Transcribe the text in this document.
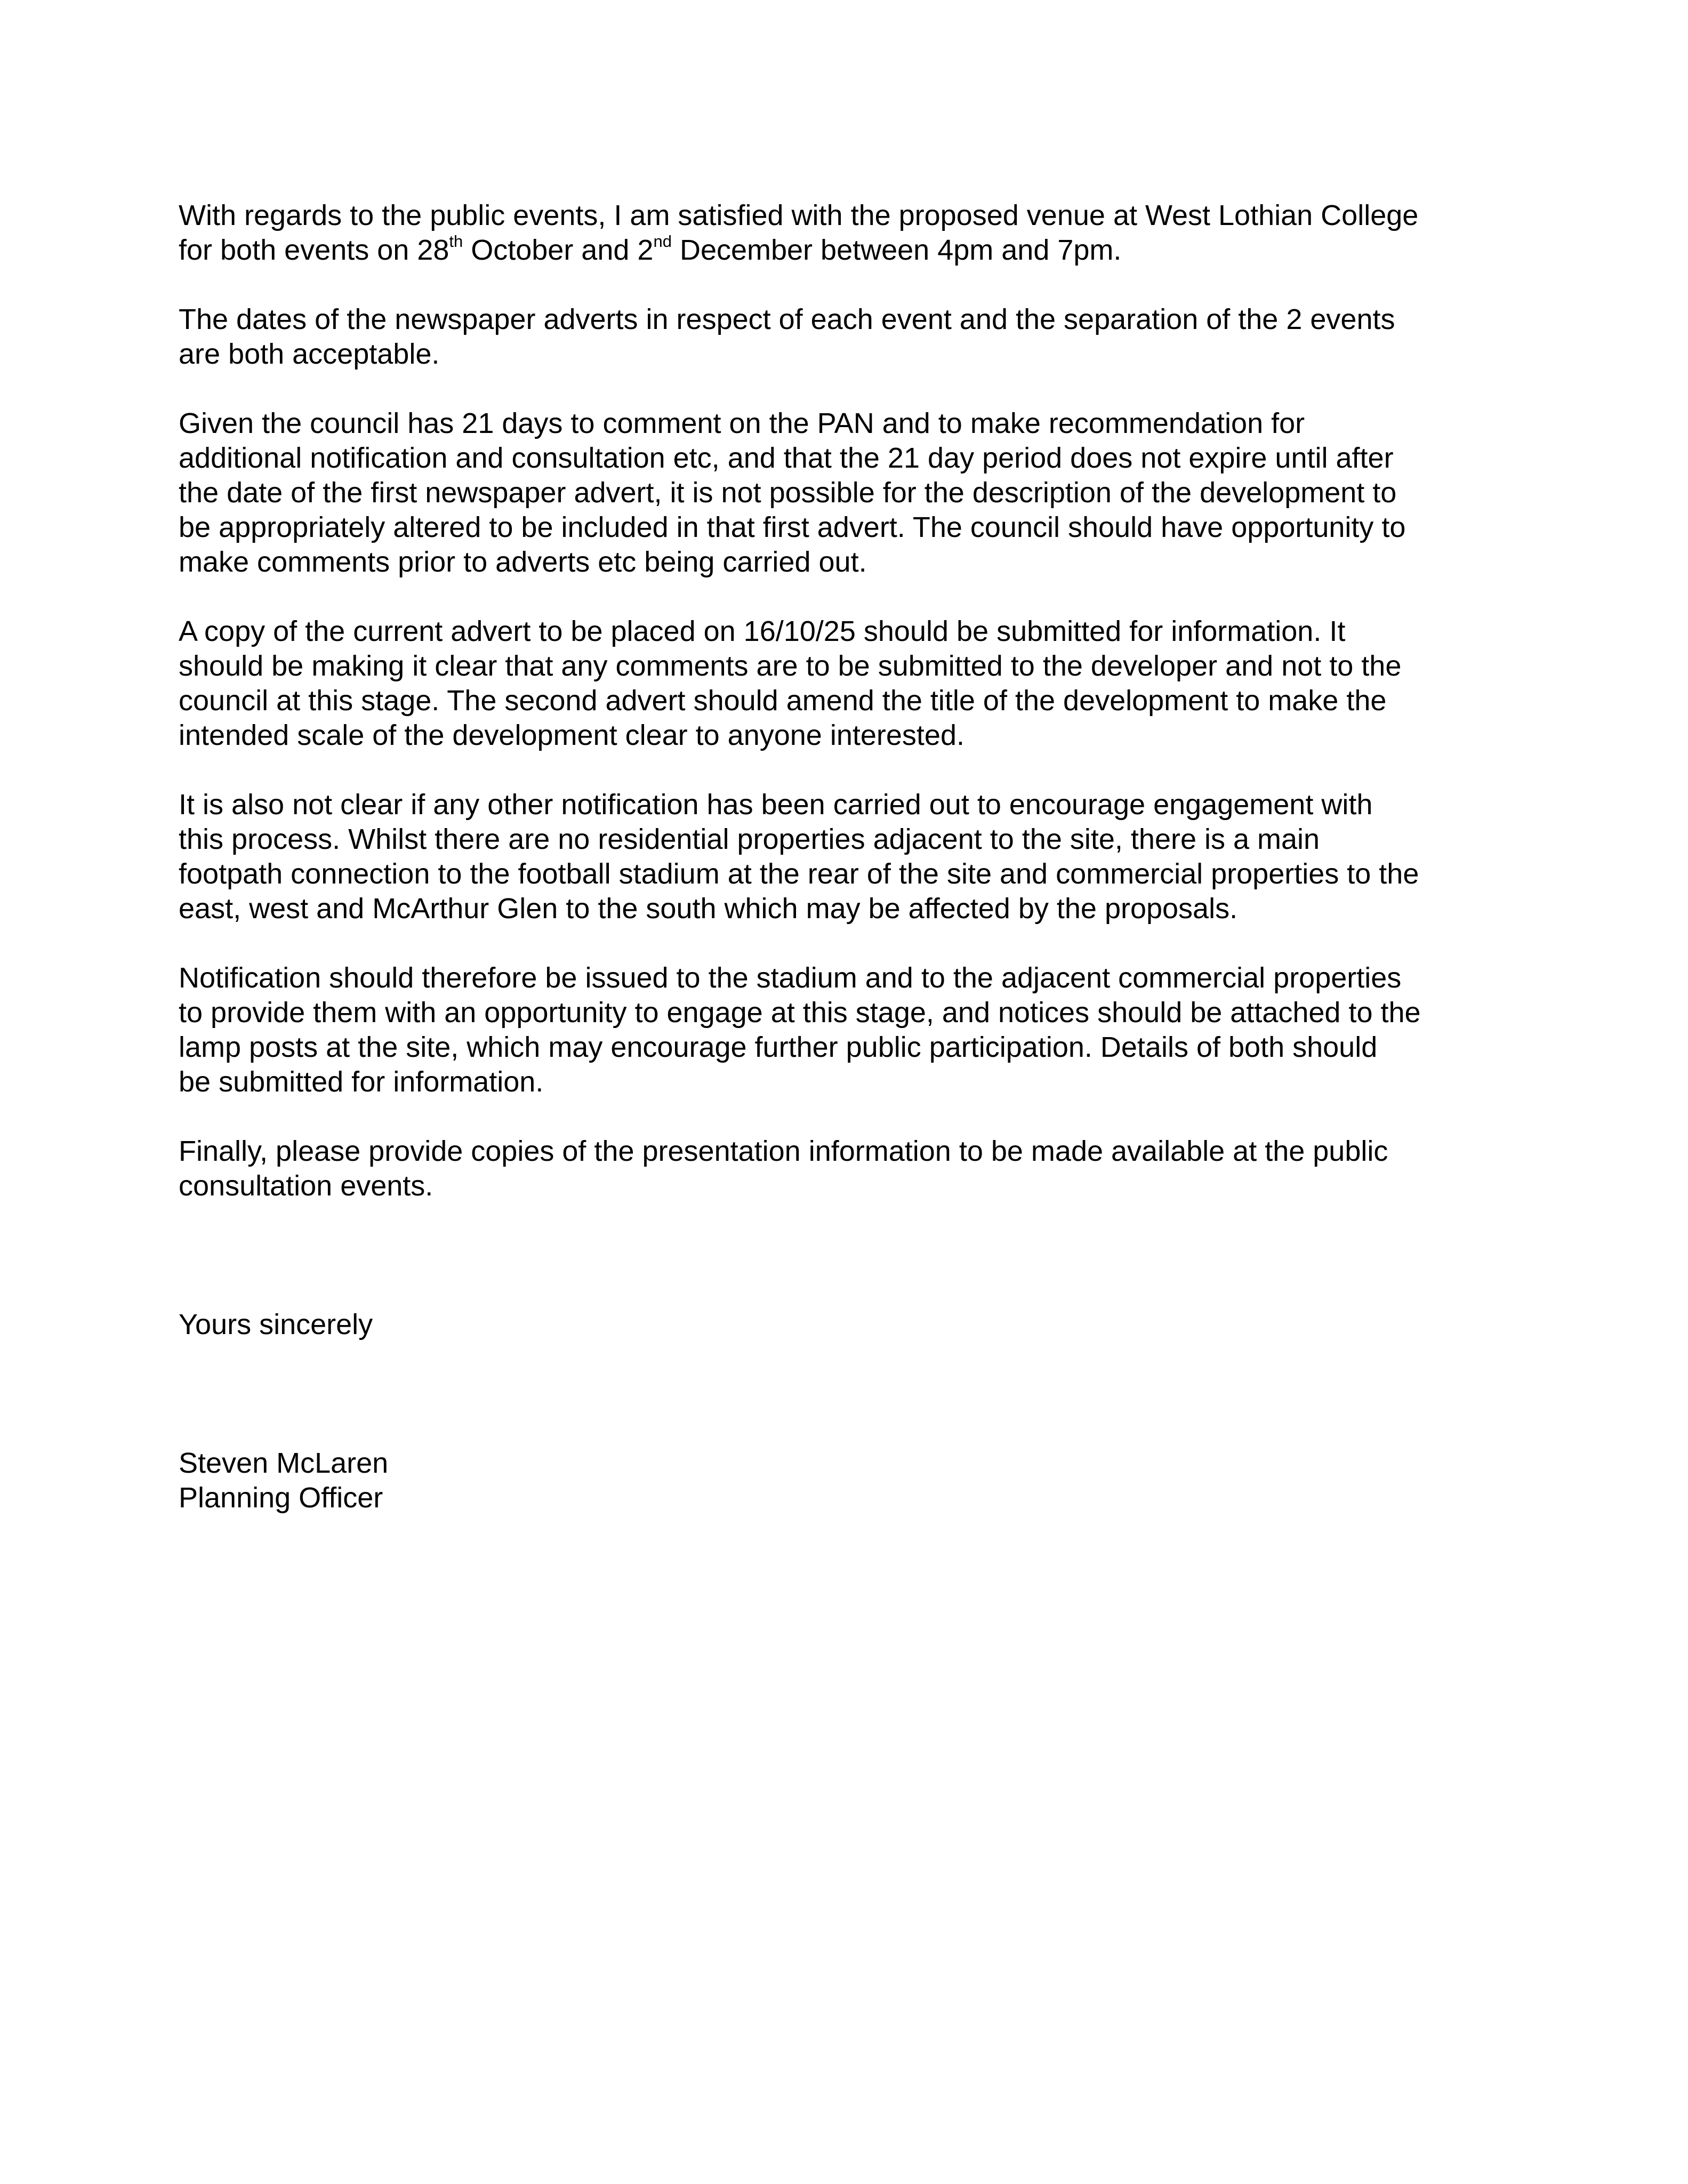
With regards to the public events, I am satisfied with the proposed venue at West Lothian College
for both events on 28th October and 2nd December between 4pm and 7pm.

The dates of the newspaper adverts in respect of each event and the separation of the 2 events
are both acceptable.

Given the council has 21 days to comment on the PAN and to make recommendation for
additional notification and consultation etc, and that the 21 day period does not expire until after
the date of the first newspaper advert, it is not possible for the description of the development to
be appropriately altered to be included in that first advert. The council should have opportunity to
make comments prior to adverts etc being carried out.

A copy of the current advert to be placed on 16/10/25 should be submitted for information. It
should be making it clear that any comments are to be submitted to the developer and not to the
council at this stage. The second advert should amend the title of the development to make the
intended scale of the development clear to anyone interested.

It is also not clear if any other notification has been carried out to encourage engagement with
this process. Whilst there are no residential properties adjacent to the site, there is a main
footpath connection to the football stadium at the rear of the site and commercial properties to the
east, west and McArthur Glen to the south which may be affected by the proposals.

Notification should therefore be issued to the stadium and to the adjacent commercial properties
to provide them with an opportunity to engage at this stage, and notices should be attached to the
lamp posts at the site, which may encourage further public participation. Details of both should
be submitted for information.

Finally, please provide copies of the presentation information to be made available at the public
consultation events.

Yours sincerely
Steven McLaren
Planning Officer
